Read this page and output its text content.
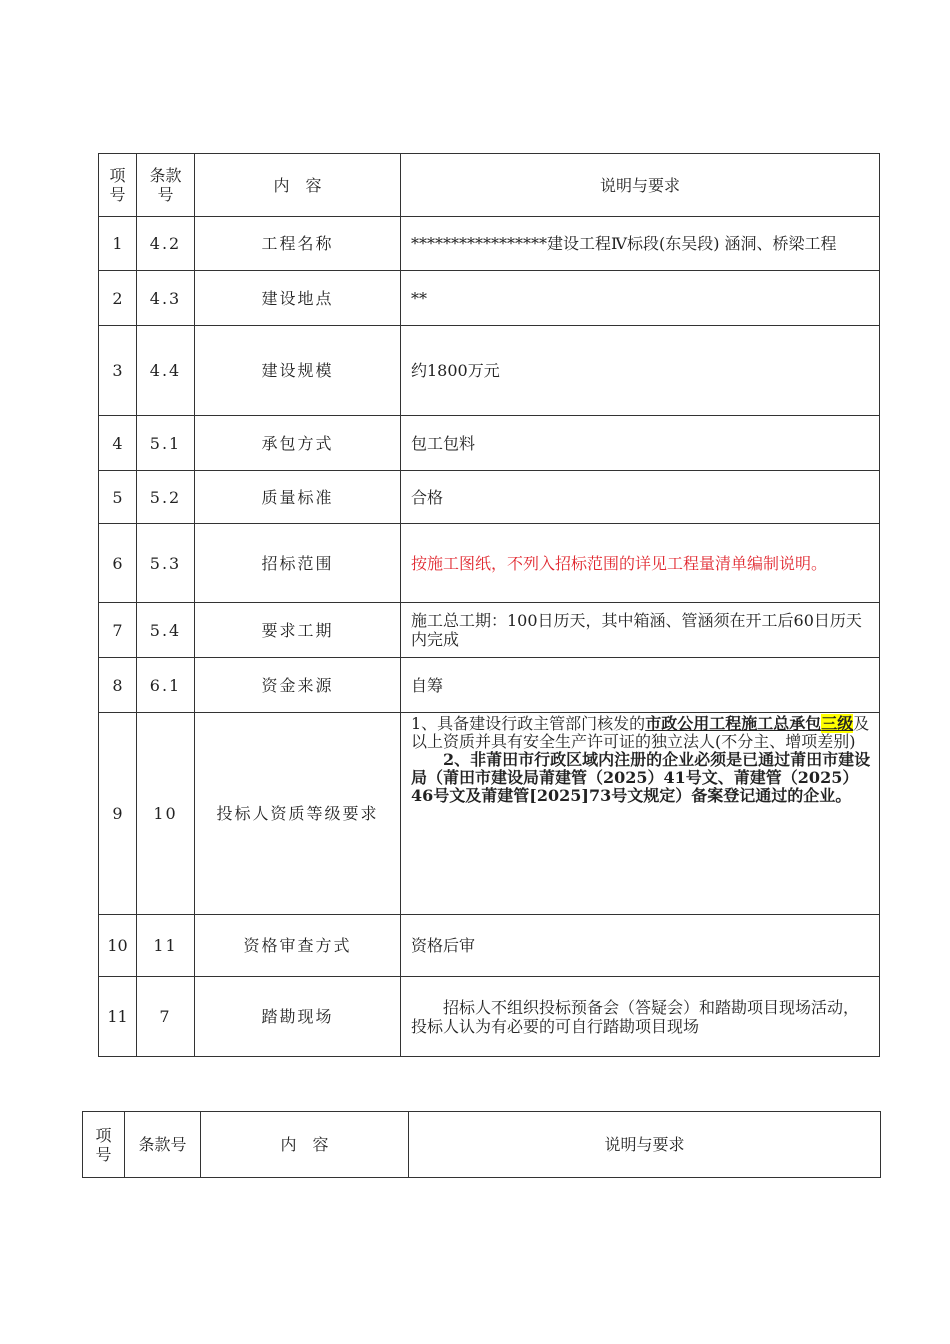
项号	条款号	内　容	说明与要求
1	4.2	工程名称	*****************建设工程Ⅳ标段(东吴段) 涵洞、桥梁工程
2	4.3	建设地点	**
3	4.4	建设规模	约1800万元
4	5.1	承包方式	包工包料
5	5.2	质量标准	合格
6	5.3	招标范围	按施工图纸，不列入招标范围的详见工程量清单编制说明。
7	5.4	要求工期	施工总工期：100日历天，其中箱涵、管涵须在开工后60日历天内完成
8	6.1	资金来源	自筹
9	10	投标人资质等级要求	1、具备建设行政主管部门核发的市政公用工程施工总承包三级及以上资质并具有安全生产许可证的独立法人(不分主、增项差别)
2、非莆田市行政区域内注册的企业必须是已通过莆田市建设局（莆田市建设局莆建管（2025）41号文、莆建管（2025）46号文及莆建管[2025]73号文规定）备案登记通过的企业。

10	11	资格审查方式	资格后审
11	7	踏勘现场	招标人不组织投标预备会（答疑会）和踏勘项目现场活动，投标人认为有必要的可自行踏勘项目现场
项号	条款号	内　容	说明与要求
